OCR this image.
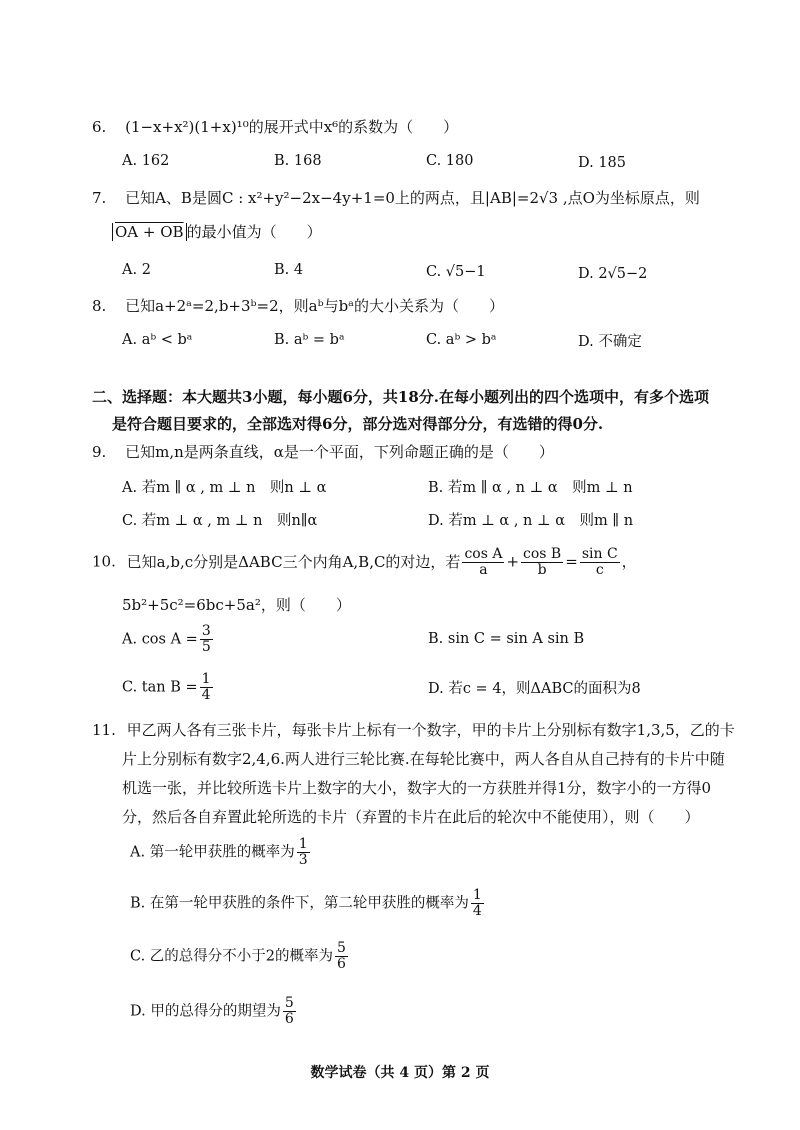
6. (1−x+x²)(1+x)¹⁰的展开式中x⁶的系数为（　　）
A. 162	B. 168	C. 180	D. 185
7. 已知A、B是圆C : x²+y²−2x−4y+1=0上的两点，且|AB|=2√3 ,点O为坐标原点，则
OA + OB 的最小值为（　　）
A. 2	B. 4	C. √5−1	D. 2√5−2
8. 已知a+2ᵃ=2,b+3ᵇ=2，则aᵇ与bᵃ的大小关系为（　　）
A. aᵇ < bᵃ	B. aᵇ = bᵃ	C. aᵇ > bᵃ	D. 不确定
二、选择题：本大题共3小题，每小题6分，共18分.在每小题列出的四个选项中，有多个选项
是符合题目要求的，全部选对得6分，部分选对得部分分，有选错的得0分.
9. 已知m,n是两条直线，α是一个平面，下列命题正确的是（　　）
A. 若m ∥ α , m ⊥ n　则n ⊥ α	B. 若m ∥ α , n ⊥ α　则m ⊥ n
C. 若m ⊥ α , m ⊥ n　则n∥α	D. 若m ⊥ α , n ⊥ α　则m ∥ n
10. 已知a,b,c分别是ΔABC三个内角A,B,C的对边，若 $\frac{\text{cos A}}{a} + \frac{\text{cos B}}{b} = \frac{\text{sin C}}{c}$ ，
5b²+5c²=6bc+5a²，则（　　）
A. $\cos A = \frac{3}{5}$	B. sin C = sin A sin B
C. $\tan B = \frac{1}{4}$	D. 若c = 4，则ΔABC的面积为8
11. 甲乙两人各有三张卡片，每张卡片上标有一个数字，甲的卡片上分别标有数字1,3,5，乙的卡
片上分别标有数字2,4,6.两人进行三轮比赛.在每轮比赛中，两人各自从自己持有的卡片中随
机选一张，并比较所选卡片上数字的大小，数字大的一方获胜并得1分，数字小的一方得0
分，然后各自弃置此轮所选的卡片（弃置的卡片在此后的轮次中不能使用），则（　　）
A. 第一轮甲获胜的概率为 $\frac{1}{3}$
B. 在第一轮甲获胜的条件下，第二轮甲获胜的概率为 $\frac{1}{4}$
C. 乙的总得分不小于2的概率为 $\frac{5}{6}$
D. 甲的总得分的期望为 $\frac{5}{6}$
数学试卷（共 4 页）第 2 页
